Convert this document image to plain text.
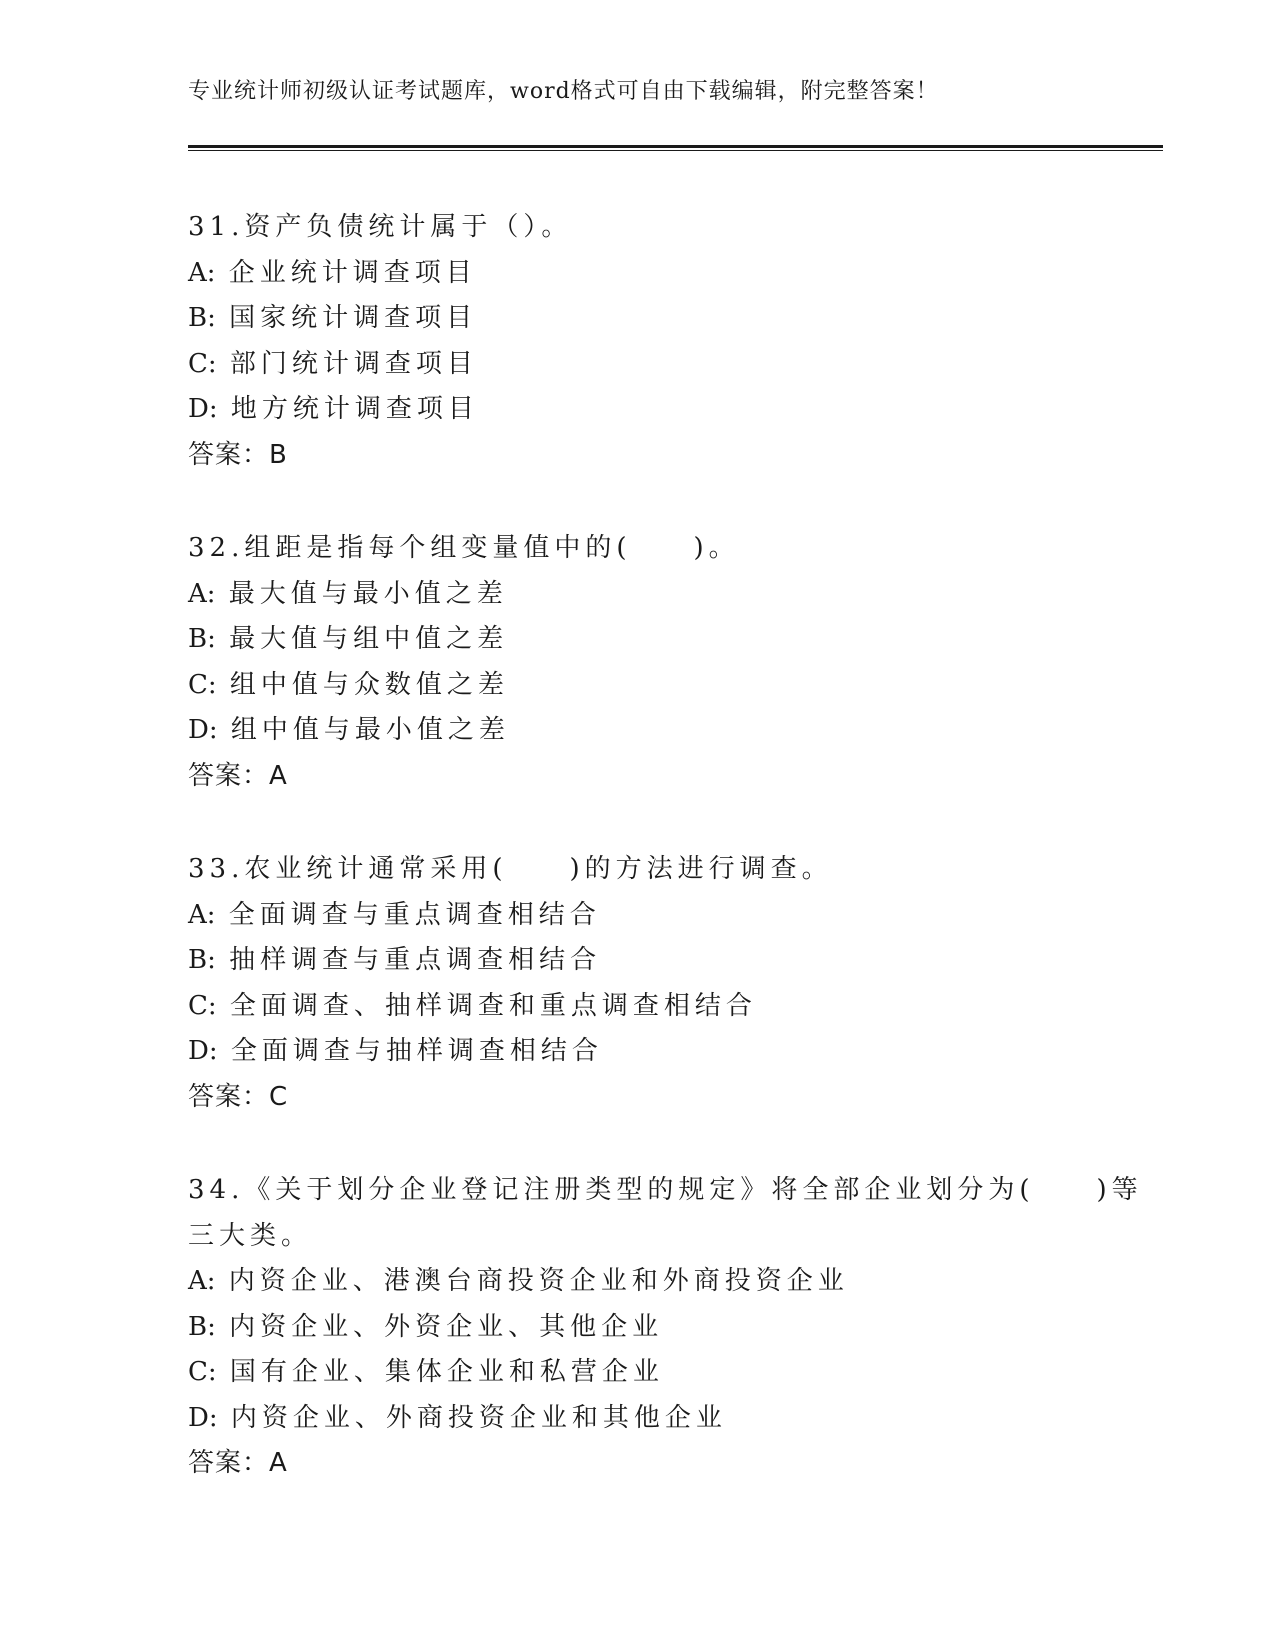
专业统计师初级认证考试题库，word格式可自由下载编辑，附完整答案！
31.资产负债统计属于（）。
A: 企业统计调查项目
B: 国家统计调查项目
C: 部门统计调查项目
D: 地方统计调查项目
答案：B
32.组距是指每个组变量值中的(　　)。
A: 最大值与最小值之差
B: 最大值与组中值之差
C: 组中值与众数值之差
D: 组中值与最小值之差
答案：A
33.农业统计通常采用(　　)的方法进行调查。
A: 全面调查与重点调查相结合
B: 抽样调查与重点调查相结合
C: 全面调查、抽样调查和重点调查相结合
D: 全面调查与抽样调查相结合
答案：C
34.《关于划分企业登记注册类型的规定》将全部企业划分为(　　)等
三大类。
A: 内资企业、港澳台商投资企业和外商投资企业
B: 内资企业、外资企业、其他企业
C: 国有企业、集体企业和私营企业
D: 内资企业、外商投资企业和其他企业
答案：A
